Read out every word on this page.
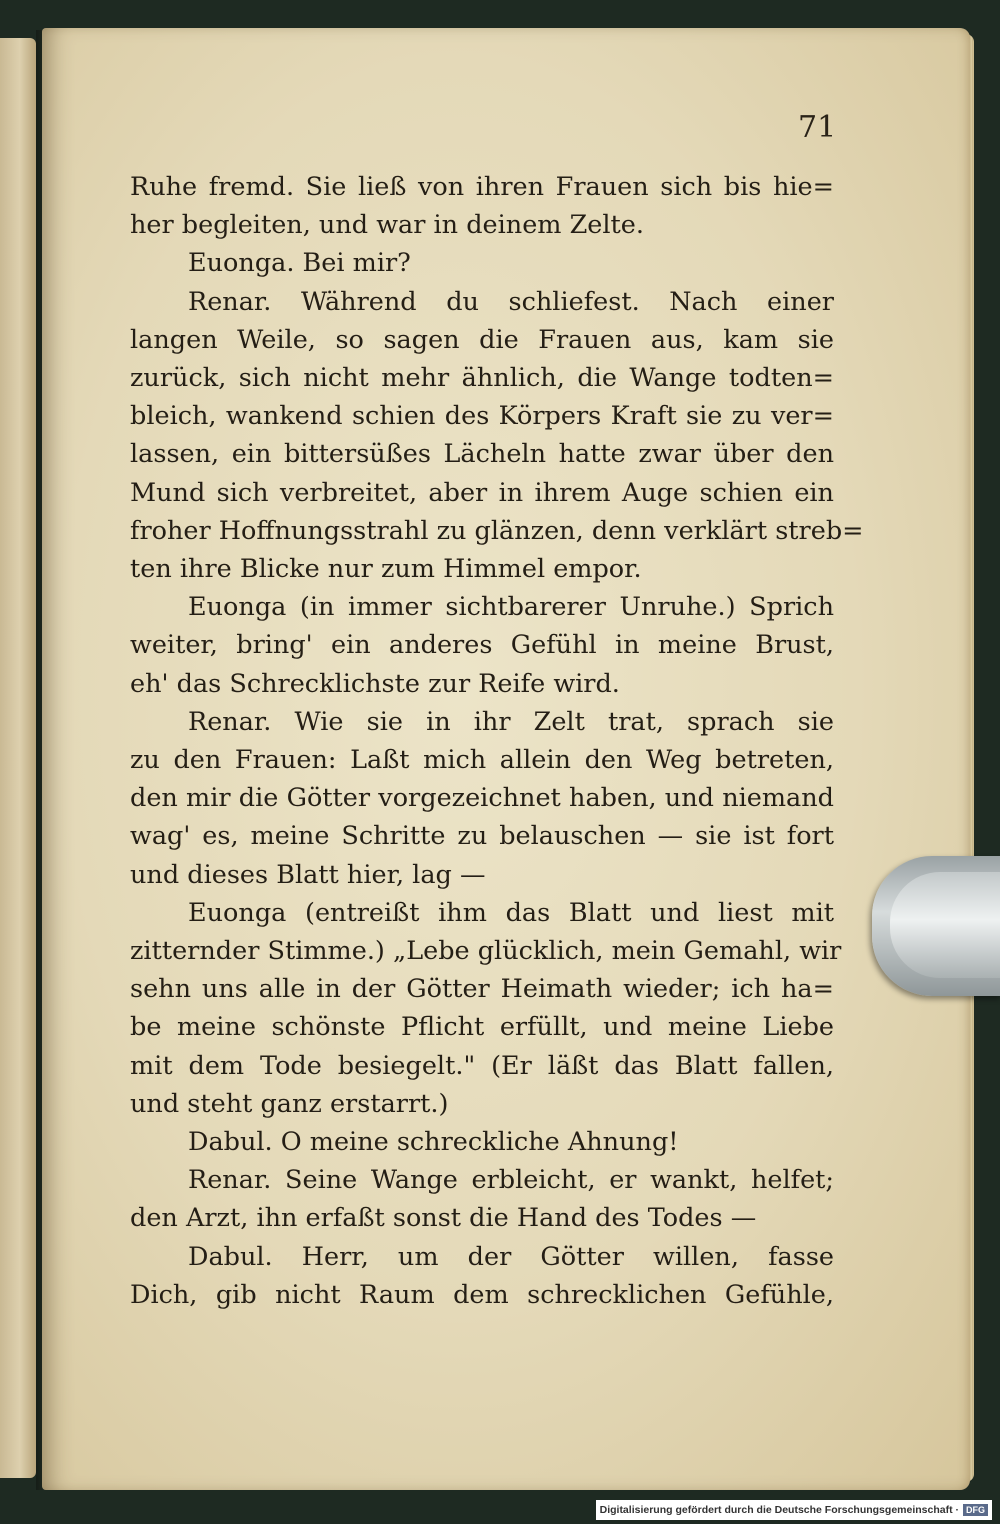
71
Ruhe fremd. Sie ließ von ihren Frauen sich bis hie=
her begleiten, und war in deinem Zelte.
Euonga. Bei mir?
Renar. Während du schliefest. Nach einer
langen Weile, so sagen die Frauen aus, kam sie
zurück, sich nicht mehr ähnlich, die Wange todten=
bleich, wankend schien des Körpers Kraft sie zu ver=
lassen, ein bittersüßes Lächeln hatte zwar über den
Mund sich verbreitet, aber in ihrem Auge schien ein
froher Hoffnungsstrahl zu glänzen, denn verklärt streb=
ten ihre Blicke nur zum Himmel empor.
Euonga (in immer sichtbarerer Unruhe.) Sprich
weiter, bring' ein anderes Gefühl in meine Brust,
eh' das Schrecklichste zur Reife wird.
Renar. Wie sie in ihr Zelt trat, sprach sie
zu den Frauen: Laßt mich allein den Weg betreten,
den mir die Götter vorgezeichnet haben, und niemand
wag' es, meine Schritte zu belauschen — sie ist fort
und dieses Blatt hier, lag —
Euonga (entreißt ihm das Blatt und liest mit
zitternder Stimme.) „Lebe glücklich, mein Gemahl, wir
sehn uns alle in der Götter Heimath wieder; ich ha=
be meine schönste Pflicht erfüllt, und meine Liebe
mit dem Tode besiegelt." (Er läßt das Blatt fallen,
und steht ganz erstarrt.)
Dabul. O meine schreckliche Ahnung!
Renar. Seine Wange erbleicht, er wankt, helfet;
den Arzt, ihn erfaßt sonst die Hand des Todes —
Dabul. Herr, um der Götter willen, fasse
Dich, gib nicht Raum dem schrecklichen Gefühle,
Digitalisierung gefördert durch die Deutsche Forschungsgemeinschaft · DFG
